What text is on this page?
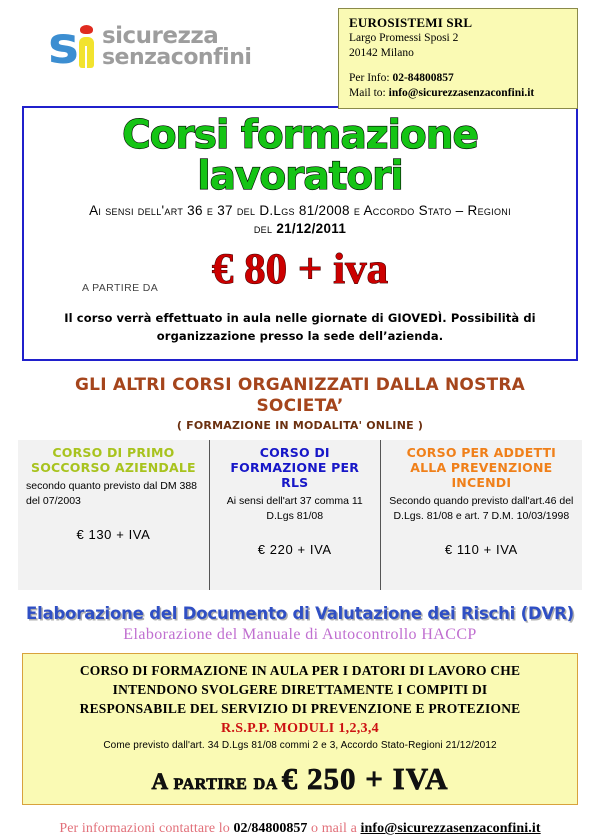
s sicurezza
senzaconfini
EUROSISTEMI SRL
Largo Promessi Sposi 2
20142 Milano
Per Info: 02-84800857
Mail to: info@sicurezzasenzaconfini.it
Corsi formazione lavoratori
Ai sensi dell'art 36 e 37 del D.Lgs 81/2008 e Accordo Stato – Regioni
del 21/12/2011
A PARTIRE DA	€ 80 + iva
Il corso verrà effettuato in aula nelle giornate di GIOVEDÌ. Possibilità di
organizzazione presso la sede dell’azienda.
GLI ALTRI CORSI ORGANIZZATI DALLA NOSTRA
SOCIETA’
( FORMAZIONE IN MODALITA' ONLINE )
CORSO DI PRIMO SOCCORSO AZIENDALE
secondo quanto previsto dal DM 388 del 07/2003
€ 130 + IVA
CORSO DI FORMAZIONE PER RLS
Ai sensi dell'art 37 comma 11 D.Lgs 81/08
€ 220 + IVA
CORSO PER ADDETTI ALLA PREVENZIONE INCENDI
Secondo quando previsto dall'art.46 del D.Lgs. 81/08 e art. 7 D.M. 10/03/1998
€ 110 + IVA
Elaborazione del Documento di Valutazione dei Rischi (DVR)
Elaborazione del Manuale di Autocontrollo HACCP
CORSO DI FORMAZIONE IN AULA PER I DATORI DI LAVORO CHE
INTENDONO SVOLGERE DIRETTAMENTE I COMPITI DI
RESPONSABILE DEL SERVIZIO DI PREVENZIONE E PROTEZIONE
R.S.P.P. MODULI 1,2,3,4
Come previsto dall'art. 34 D.Lgs 81/08 commi 2 e 3, Accordo Stato-Regioni 21/12/2012
A partire da € 250 + IVA
Per informazioni contattare lo 02/84800857 o mail a info@sicurezzasenzaconfini.it
